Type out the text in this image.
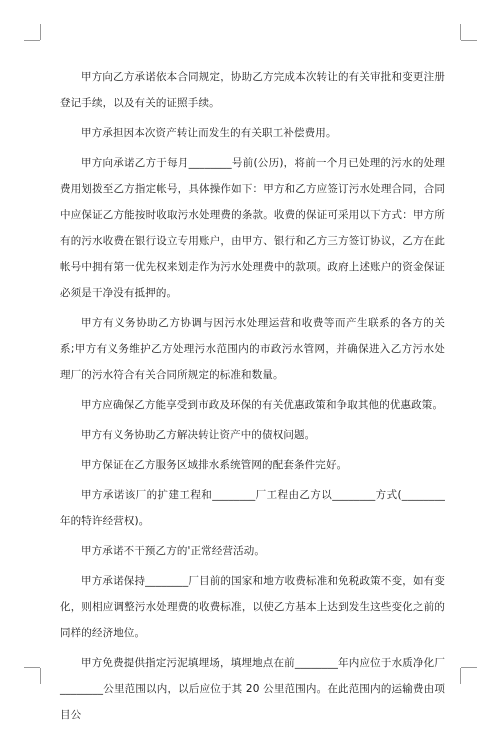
甲方向乙方承诺依本合同规定，协助乙方完成本次转让的有关审批和变更注册登记手续，以及有关的证照手续。

甲方承担因本次资产转让而发生的有关职工补偿费用。

甲方向承诺乙方于每月________号前(公历)，将前一个月已处理的污水的处理费用划拨至乙方指定帐号，具体操作如下：甲方和乙方应签订污水处理合同，合同中应保证乙方能按时收取污水处理费的条款。收费的保证可采用以下方式：甲方所有的污水收费在银行设立专用账户，由甲方、银行和乙方三方签订协议，乙方在此帐号中拥有第一优先权来划走作为污水处理费中的款项。政府上述账户的资金保证必须是干净没有抵押的。

甲方有义务协助乙方协调与因污水处理运营和收费等而产生联系的各方的关系;甲方有义务维护乙方处理污水范围内的市政污水管网，并确保进入乙方污水处理厂的污水符合有关合同所规定的标准和数量。

甲方应确保乙方能享受到市政及环保的有关优惠政策和争取其他的优惠政策。

甲方有义务协助乙方解决转让资产中的债权问题。

甲方保证在乙方服务区域排水系统管网的配套条件完好。

甲方承诺该厂的扩建工程和________厂工程由乙方以________方式(________年的特许经营权)。

甲方承诺不干预乙方的'正常经营活动。

甲方承诺保持________厂目前的国家和地方收费标准和免税政策不变，如有变化，则相应调整污水处理费的收费标准，以使乙方基本上达到发生这些变化之前的同样的经济地位。

甲方免费提供指定污泥填埋场，填埋地点在前________年内应位于水质净化厂________公里范围以内，以后应位于其 20 公里范围内。在此范围内的运输费由项目公
